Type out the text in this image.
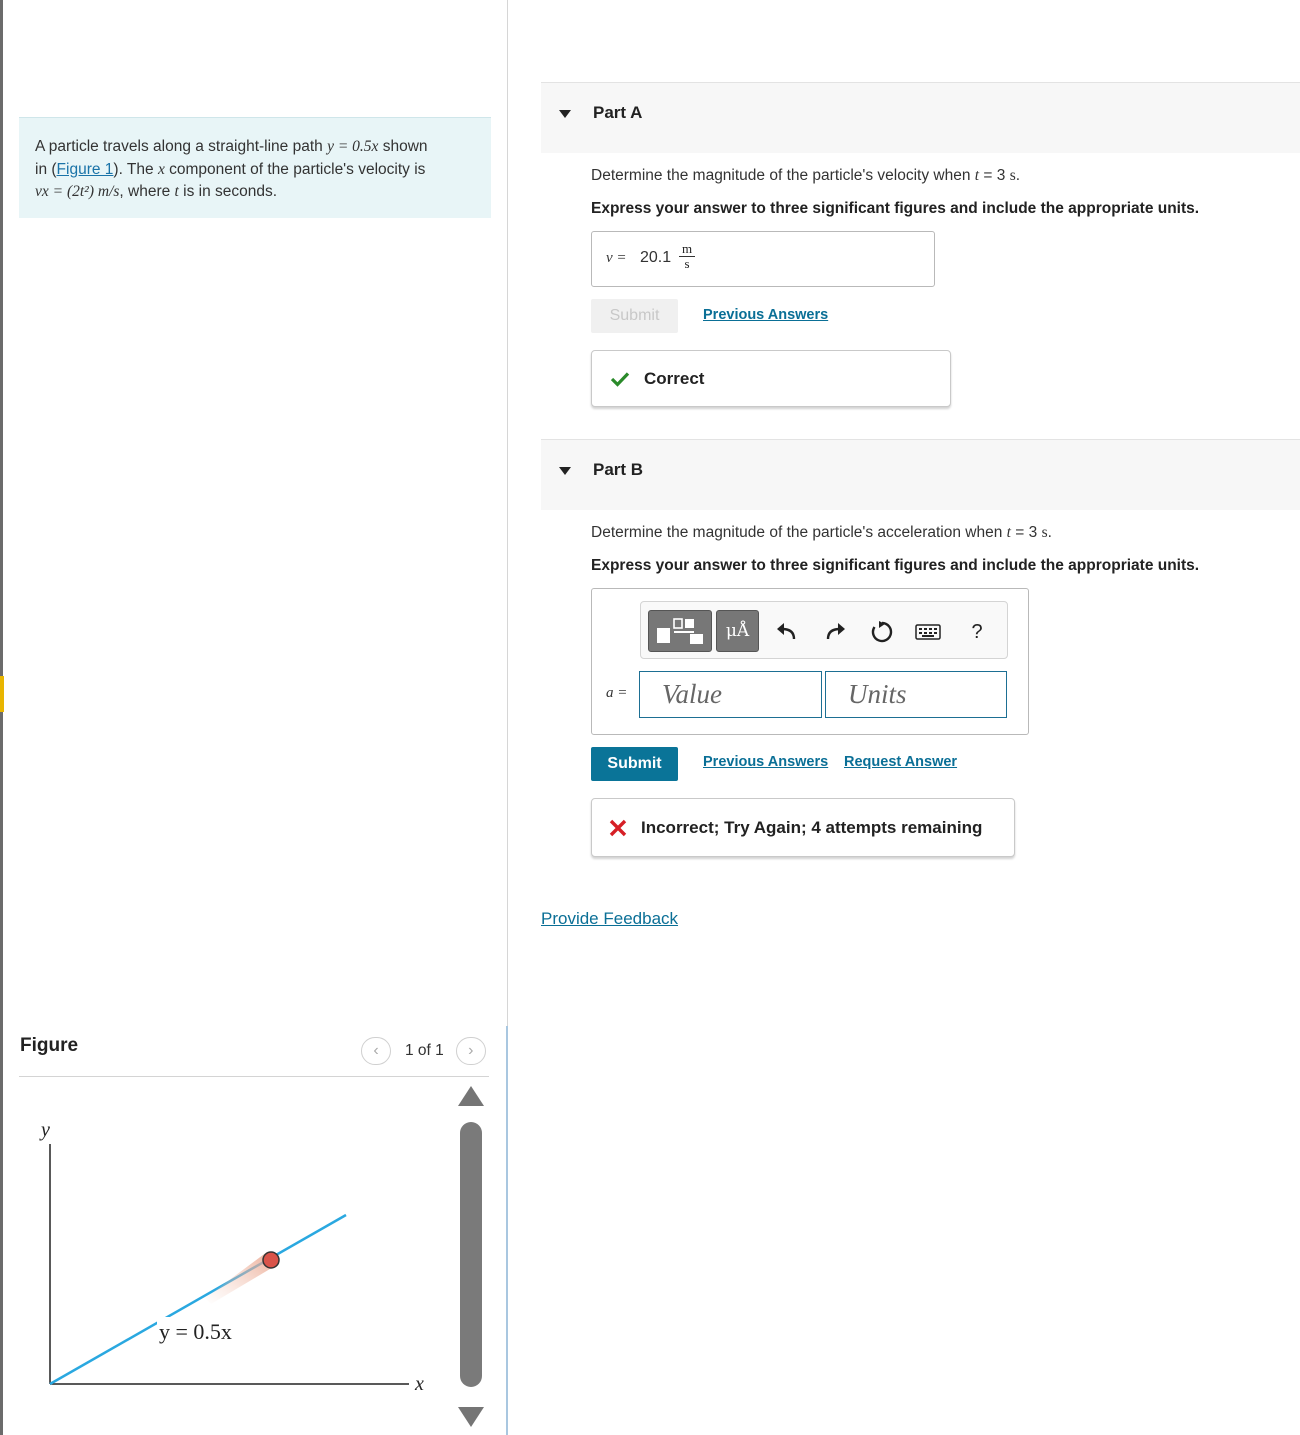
A particle travels along a straight-line path y = 0.5x shown
in (Figure 1). The x component of the particle's velocity is
vx = (2t²) m/s, where t is in seconds.
Figure	‹	1 of 1	›
y
x
y = 0.5x
Part A
Determine the magnitude of the particle's velocity when t = 3 s.
Express your answer to three significant figures and include the appropriate units.
v = 20.1
m
s
Submit	Previous Answers
Correct
Part B
Determine the magnitude of the particle's acceleration when t = 3 s.
Express your answer to three significant figures and include the appropriate units.
μÅ	?
a =	Value	Units
Submit	Previous Answers Request Answer
Incorrect; Try Again; 4 attempts remaining
Provide Feedback
